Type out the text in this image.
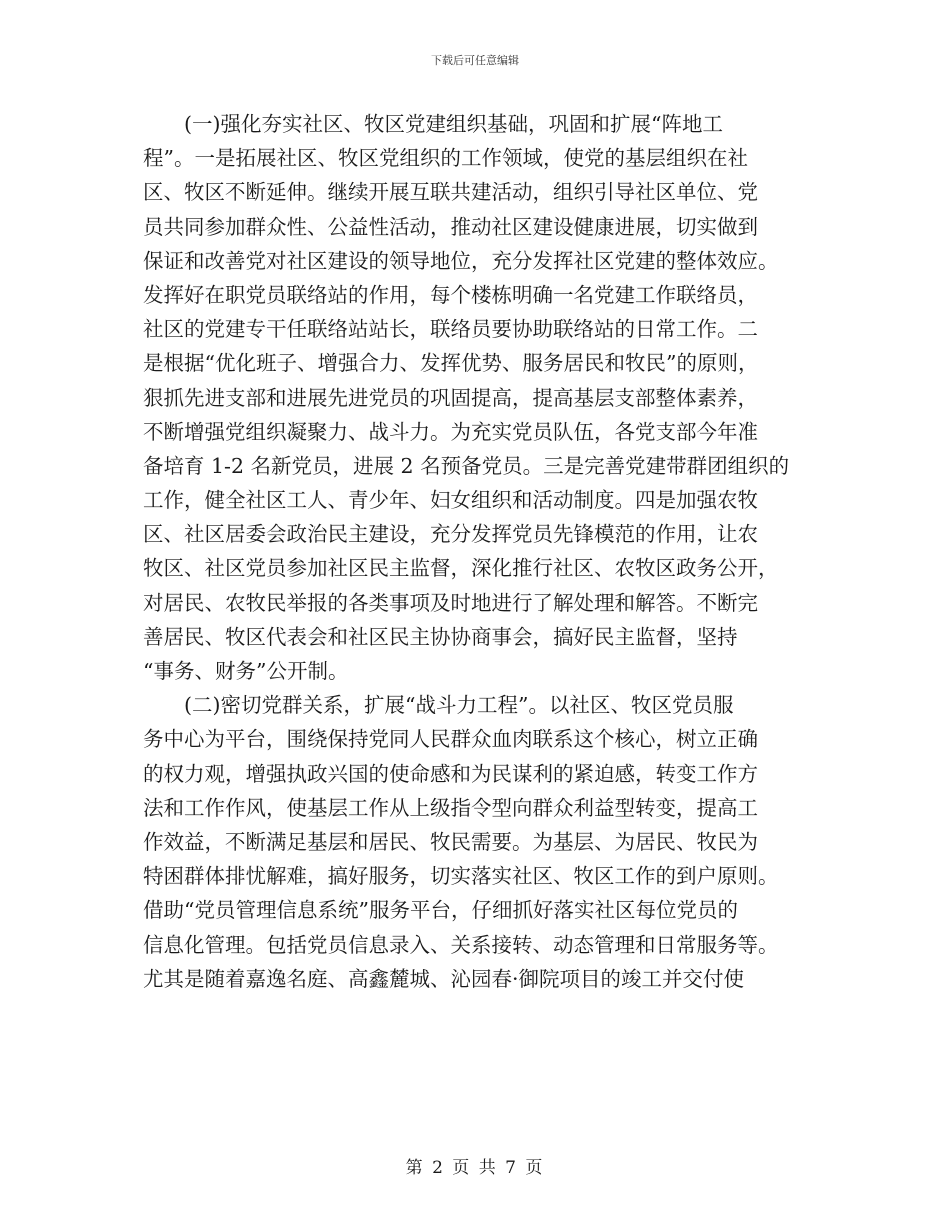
下载后可任意编辑
　　(一)强化夯实社区、牧区党建组织基础，巩固和扩展“阵地工
程”。一是拓展社区、牧区党组织的工作领域，使党的基层组织在社
区、牧区不断延伸。继续开展互联共建活动，组织引导社区单位、党
员共同参加群众性、公益性活动，推动社区建设健康进展，切实做到
保证和改善党对社区建设的领导地位，充分发挥社区党建的整体效应。
发挥好在职党员联络站的作用，每个楼栋明确一名党建工作联络员，
社区的党建专干任联络站站长，联络员要协助联络站的日常工作。二
是根据“优化班子、增强合力、发挥优势、服务居民和牧民”的原则，
狠抓先进支部和进展先进党员的巩固提高，提高基层支部整体素养，
不断增强党组织凝聚力、战斗力。为充实党员队伍，各党支部今年准
备培育 1-2 名新党员，进展 2 名预备党员。三是完善党建带群团组织的
工作，健全社区工人、青少年、妇女组织和活动制度。四是加强农牧
区、社区居委会政治民主建设，充分发挥党员先锋模范的作用，让农
牧区、社区党员参加社区民主监督，深化推行社区、农牧区政务公开，
对居民、农牧民举报的各类事项及时地进行了解处理和解答。不断完
善居民、牧区代表会和社区民主协协商事会，搞好民主监督，坚持
“事务、财务”公开制。
　　(二)密切党群关系，扩展“战斗力工程”。以社区、牧区党员服
务中心为平台，围绕保持党同人民群众血肉联系这个核心，树立正确
的权力观，增强执政兴国的使命感和为民谋利的紧迫感，转变工作方
法和工作作风，使基层工作从上级指令型向群众利益型转变，提高工
作效益，不断满足基层和居民、牧民需要。为基层、为居民、牧民为
特困群体排忧解难，搞好服务，切实落实社区、牧区工作的到户原则。
借助“党员管理信息系统”服务平台，仔细抓好落实社区每位党员的
信息化管理。包括党员信息录入、关系接转、动态管理和日常服务等。
尤其是随着嘉逸名庭、高鑫麓城、沁园春·御院项目的竣工并交付使
第 2 页 共 7 页
